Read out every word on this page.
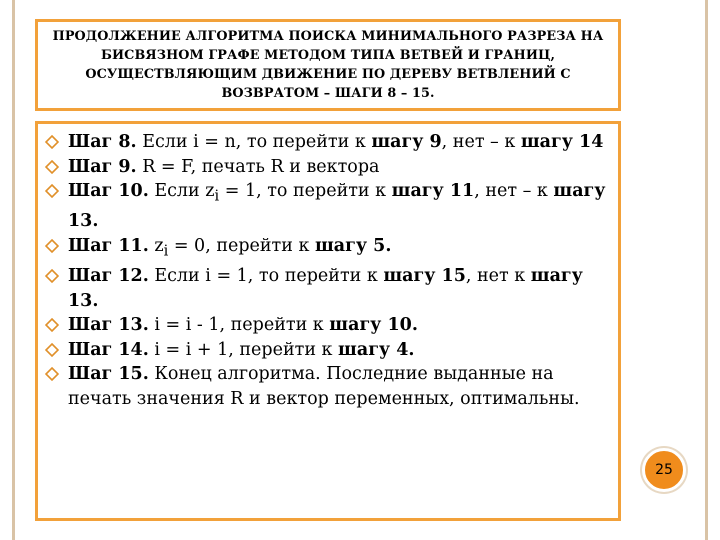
ПРОДОЛЖЕНИЕ АЛГОРИТМА ПОИСКА МИНИМАЛЬНОГО РАЗРЕЗА НА БИСВЯЗНОМ ГРАФЕ МЕТОДОМ ТИПА ВЕТВЕЙ И ГРАНИЦ, ОСУЩЕСТВЛЯЮЩИМ ДВИЖЕНИЕ ПО ДЕРЕВУ ВЕТВЛЕНИЙ С ВОЗВРАТОМ – ШАГИ 8 – 15.
Шаг 8. Если i = n, то перейти к шагу 9, нет – к шагу 14
Шаг 9. R = F, печать R и вектора
Шаг 10. Если $z_i = 1$, то перейти к шагу 11, нет – к шагу 13.
Шаг 11. $z_i = 0$, перейти к шагу 5.
Шаг 12. Если i = 1, то перейти к шагу 15, нет к шагу 13.
Шаг 13. i = i - 1, перейти к шагу 10.
Шаг 14. i = i + 1, перейти к шагу 4.
Шаг 15. Конец алгоритма. Последние выданные на печать значения R и вектор переменных, оптимальны.
25
